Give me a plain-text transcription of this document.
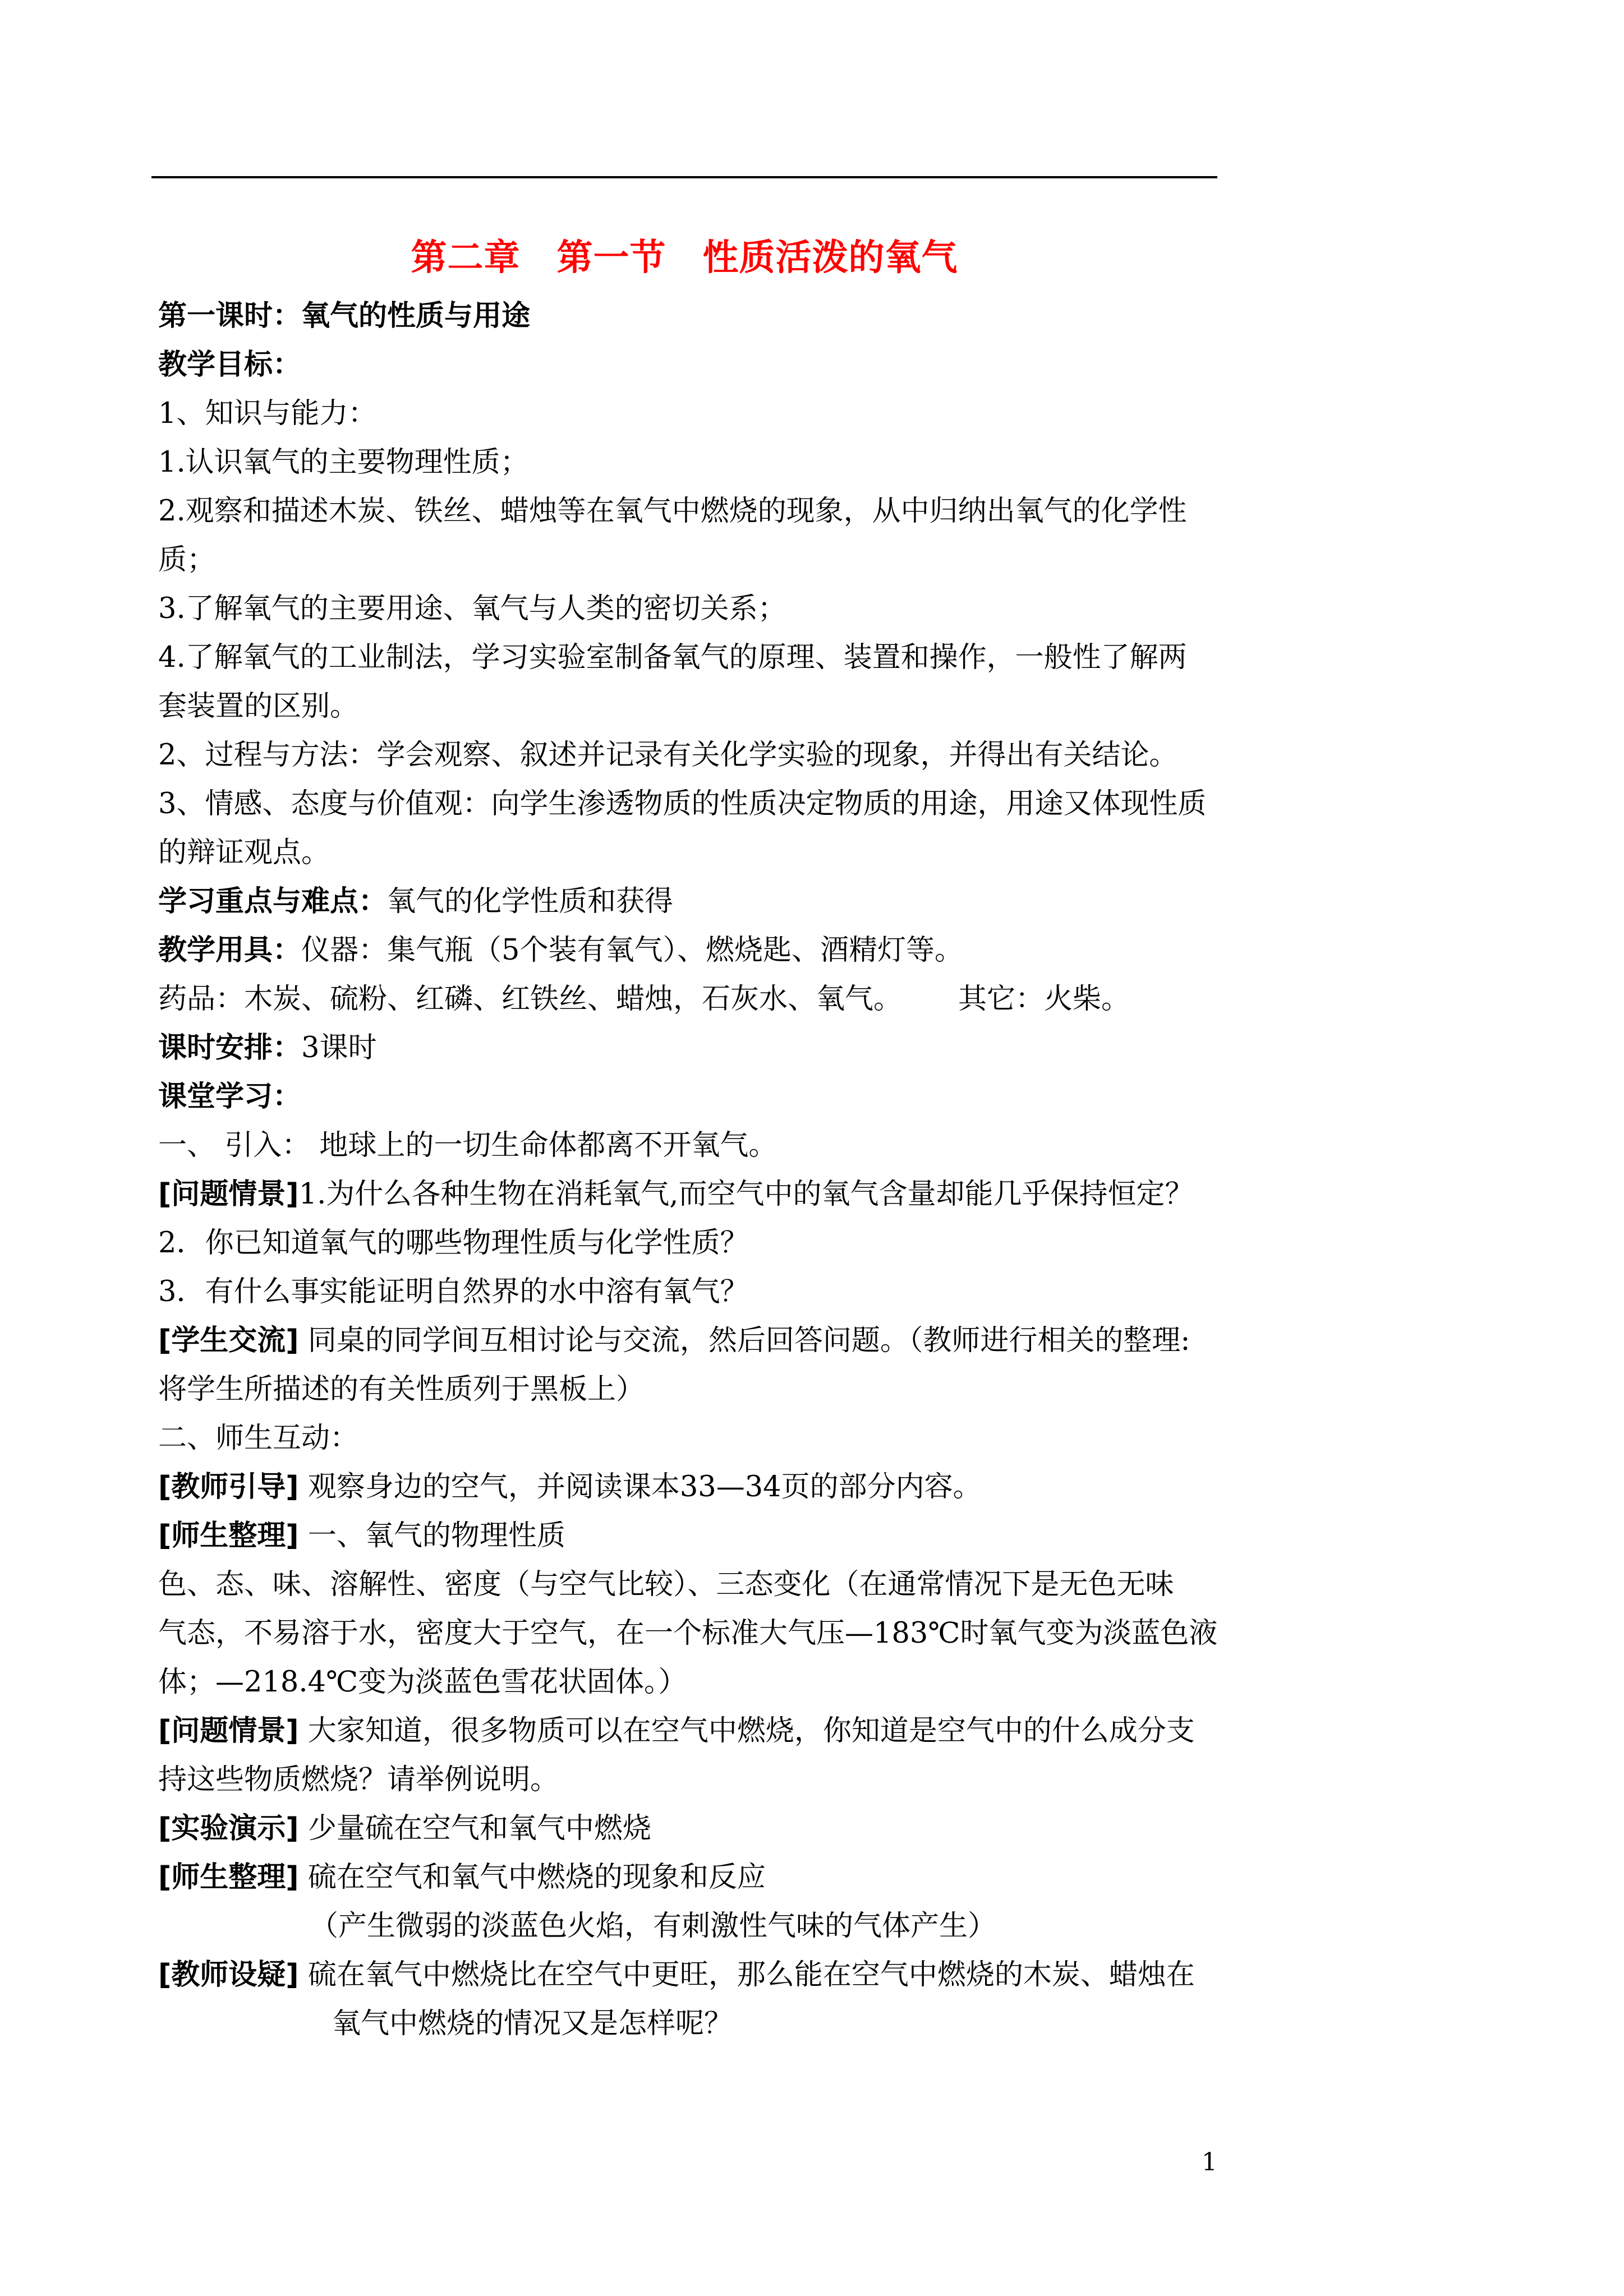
第二章　第一节　性质活泼的氧气
第一课时：氧气的性质与用途
教学目标：
1、知识与能力：
1.认识氧气的主要物理性质；
2.观察和描述木炭、铁丝、蜡烛等在氧气中燃烧的现象，从中归纳出氧气的化学性
质；
3.了解氧气的主要用途、氧气与人类的密切关系；
4.了解氧气的工业制法，学习实验室制备氧气的原理、装置和操作，一般性了解两
套装置的区别。
2、过程与方法：学会观察、叙述并记录有关化学实验的现象，并得出有关结论。
3、情感、态度与价值观：向学生渗透物质的性质决定物质的用途，用途又体现性质
的辩证观点。
学习重点与难点：氧气的化学性质和获得
教学用具：仪器：集气瓶（5个装有氧气）、燃烧匙、酒精灯等。
药品：木炭、硫粉、红磷、红铁丝、蜡烛，石灰水、氧气。 其它：火柴。
课时安排：3课时
课堂学习：
一、 引入： 地球上的一切生命体都离不开氧气。
[问题情景]1.为什么各种生物在消耗氧气,而空气中的氧气含量却能几乎保持恒定？
2．你已知道氧气的哪些物理性质与化学性质？
3．有什么事实能证明自然界的水中溶有氧气？
[学生交流] 同桌的同学间互相讨论与交流，然后回答问题。（教师进行相关的整理:
将学生所描述的有关性质列于黑板上）
二、师生互动：
[教师引导] 观察身边的空气，并阅读课本33—34页的部分内容。
[师生整理] 一、氧气的物理性质
色、态、味、溶解性、密度（与空气比较）、三态变化（在通常情况下是无色无味
气态，不易溶于水，密度大于空气，在一个标准大气压—183℃时氧气变为淡蓝色液
体；—218.4℃变为淡蓝色雪花状固体。）
[问题情景] 大家知道，很多物质可以在空气中燃烧，你知道是空气中的什么成分支
持这些物质燃烧？请举例说明。
[实验演示] 少量硫在空气和氧气中燃烧
[师生整理] 硫在空气和氧气中燃烧的现象和反应
（产生微弱的淡蓝色火焰，有刺激性气味的气体产生）
[教师设疑] 硫在氧气中燃烧比在空气中更旺，那么能在空气中燃烧的木炭、蜡烛在
氧气中燃烧的情况又是怎样呢？
1
